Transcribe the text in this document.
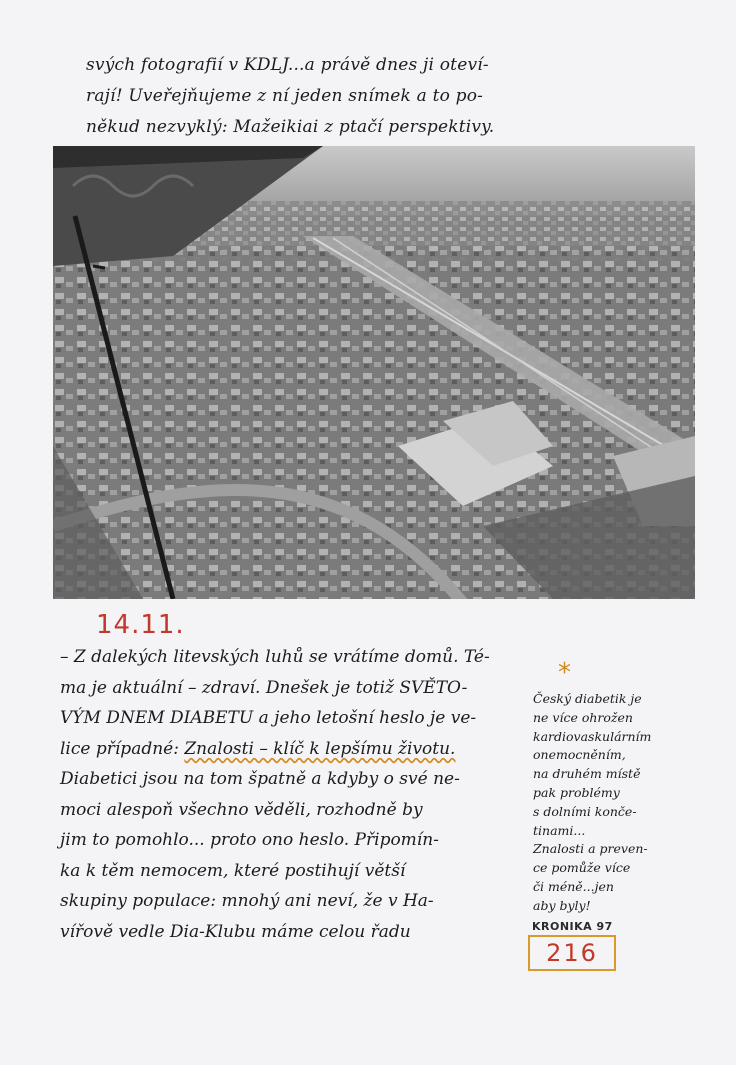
svých fotografií v KDLJ...a právě dnes ji oteví-
rají! Uveřejňujeme z ní jeden snímek a to po-
někud nezvyklý: Mažeikiai z ptačí perspektivy.
14.11.
– Z dalekých litevských luhů se vrátíme domů. Té-
ma je aktuální – zdraví. Dnešek je totiž SVĚTO-
VÝM DNEM DIABETU a jeho letošní heslo je ve-
lice případné: Znalosti – klíč k lepšímu životu.
Diabetici jsou na tom špatně a kdyby o své ne-
moci alespoň všechno věděli, rozhodně by
jim to pomohlo... proto ono heslo. Připomín-
ka k těm nemocem, které postihují větší
skupiny populace: mnohý ani neví, že v Ha-
vířově vedle Dia-Klubu máme celou řadu
*
Český diabetik je
ne více ohrožen
kardiovaskulárním
onemocněním,
na druhém místě
pak problémy
s dolními konče-
tinami...
Znalosti a preven-
ce pomůže více
či méně...jen
aby byly!
KRONIKA 97
216
